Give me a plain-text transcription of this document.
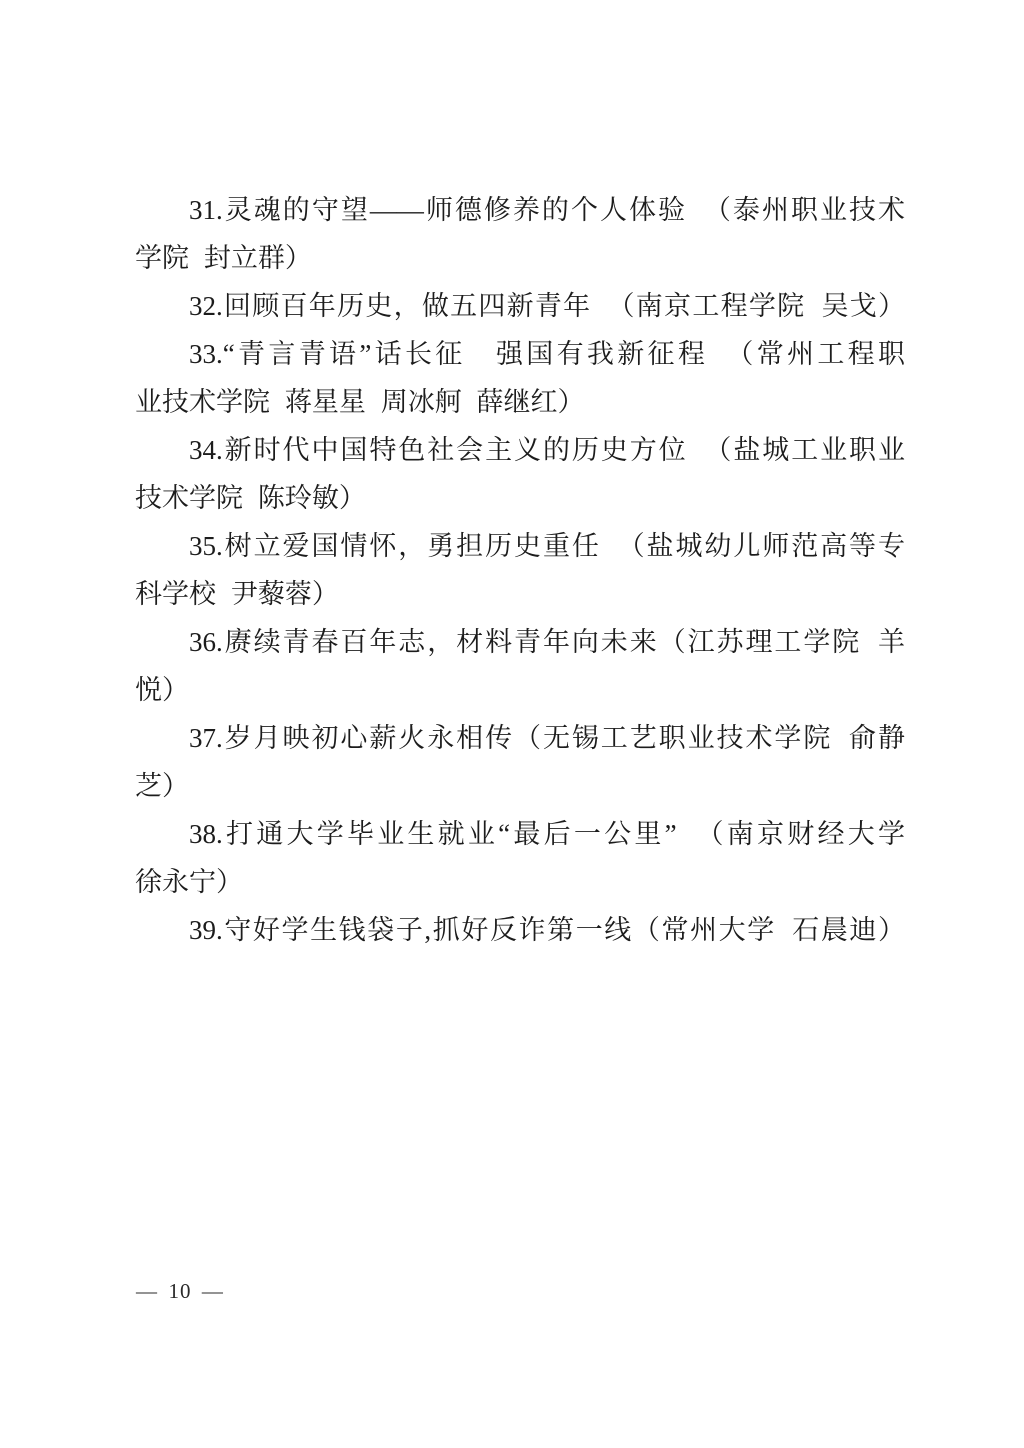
31.灵魂的守望——师德修养的个人体验 （泰州职业技术
学院 封立群）
32.回顾百年历史，做五四新青年 （南京工程学院 吴戈）
33.“青言青语”话长征　强国有我新征程 （常州工程职
业技术学院 蒋星星 周冰舸 薛继红）
34.新时代中国特色社会主义的历史方位 （盐城工业职业
技术学院 陈玲敏）
35.树立爱国情怀，勇担历史重任 （盐城幼儿师范高等专
科学校 尹藜蓉）
36.赓续青春百年志，材料青年向未来（江苏理工学院 羊
悦）
37.岁月映初心薪火永相传（无锡工艺职业技术学院 俞静
芝）
38.打通大学毕业生就业“最后一公里”　（南京财经大学
徐永宁）
39.守好学生钱袋子,抓好反诈第一线（常州大学 石晨迪）
— 10 —
